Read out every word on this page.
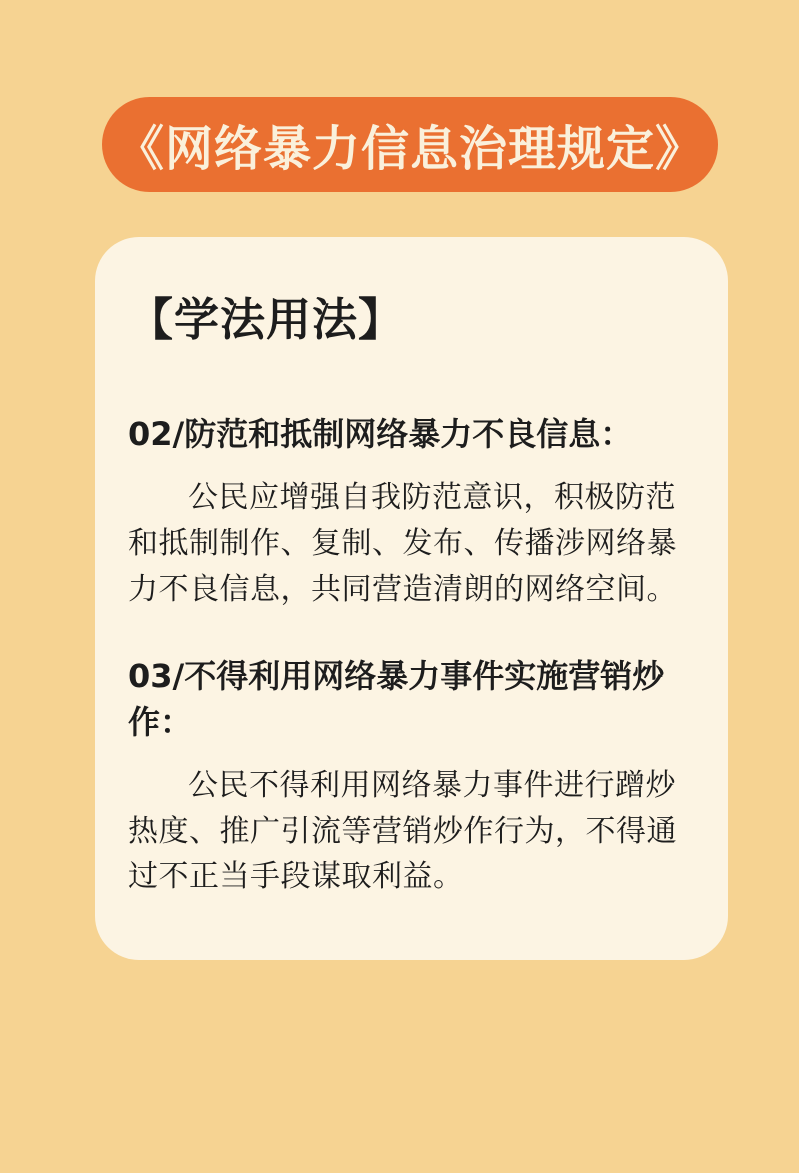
《网络暴力信息治理规定》
【学法用法】
02/防范和抵制网络暴力不良信息：

公民应增强自我防范意识，积极防范和抵制制作、复制、发布、传播涉网络暴力不良信息，共同营造清朗的网络空间。

03/不得利用网络暴力事件实施营销炒作：

公民不得利用网络暴力事件进行蹭炒热度、推广引流等营销炒作行为，不得通过不正当手段谋取利益。
